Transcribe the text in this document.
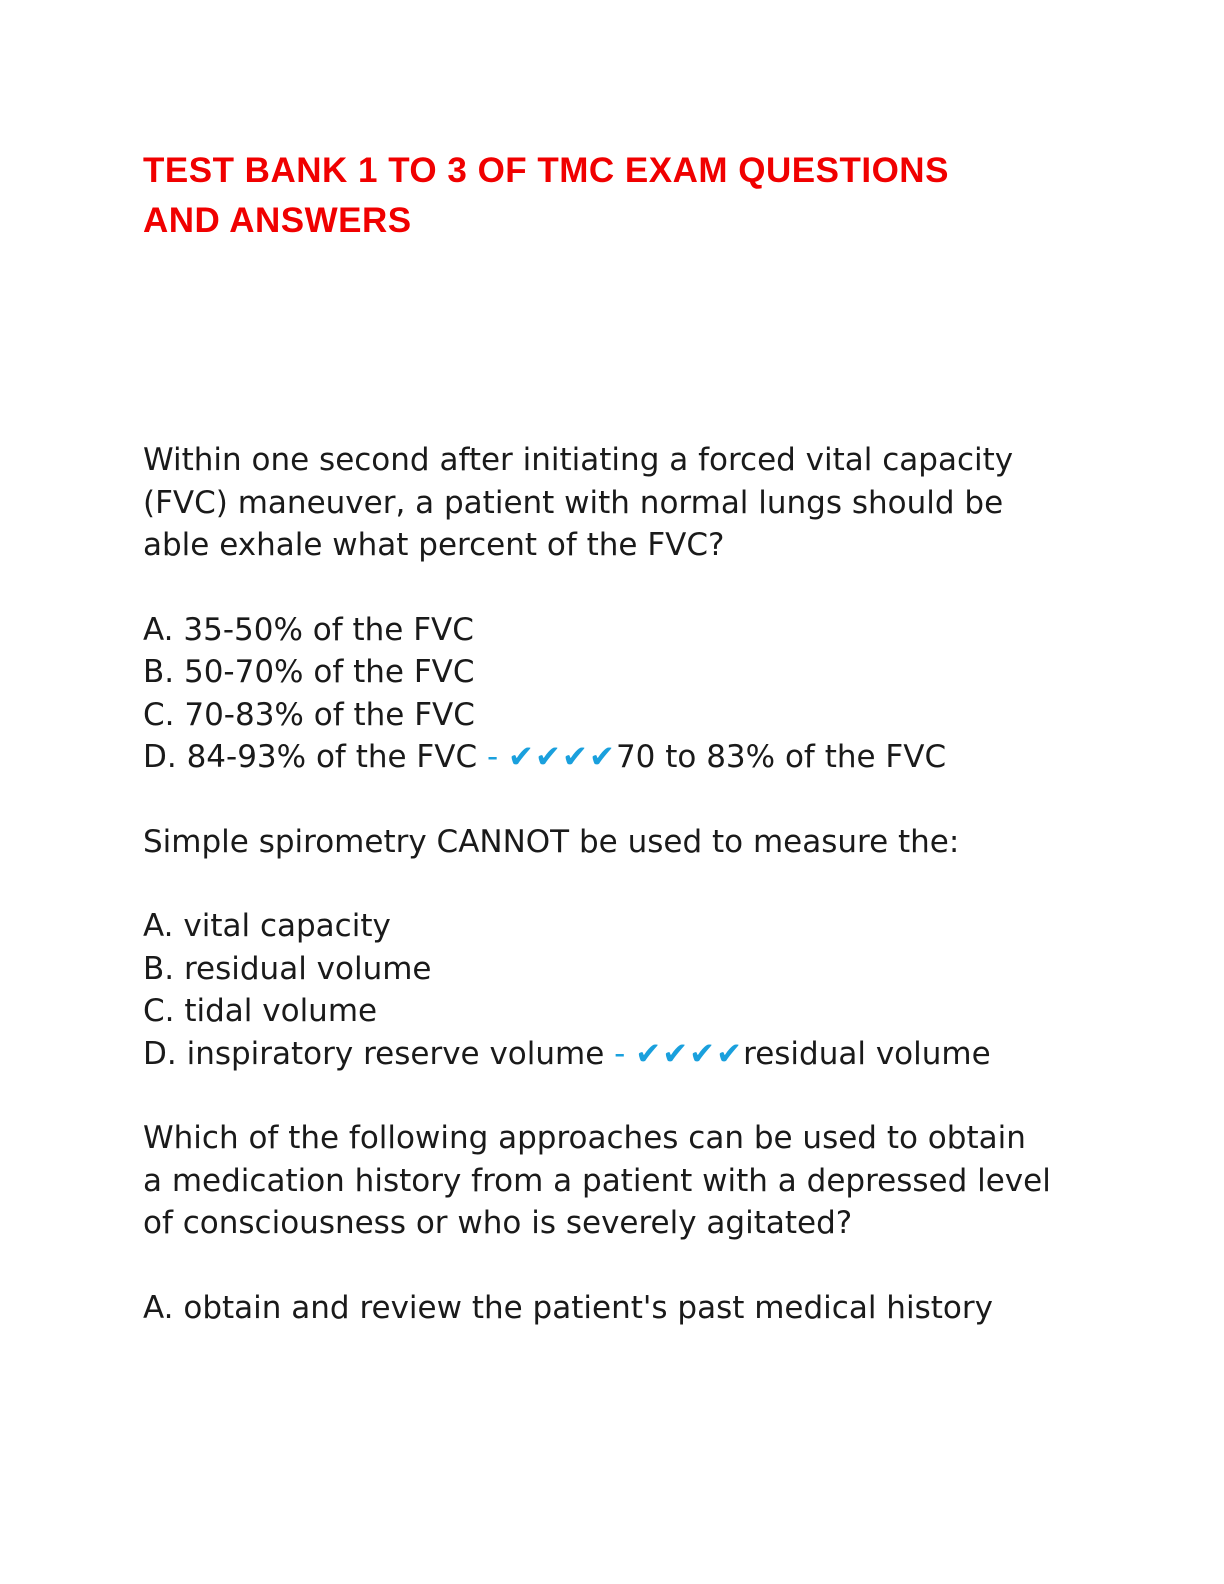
TEST BANK 1 TO 3 OF TMC EXAM QUESTIONS
AND ANSWERS
Within one second after initiating a forced vital capacity
(FVC) maneuver, a patient with normal lungs should be
able exhale what percent of the FVC?
A. 35-50% of the FVC
B. 50-70% of the FVC
C. 70-83% of the FVC
D. 84-93% of the FVC - ✔✔✔✔70 to 83% of the FVC
Simple spirometry CANNOT be used to measure the:
A. vital capacity
B. residual volume
C. tidal volume
D. inspiratory reserve volume - ✔✔✔✔residual volume
Which of the following approaches can be used to obtain
a medication history from a patient with a depressed level
of consciousness or who is severely agitated?
A. obtain and review the patient's past medical history
